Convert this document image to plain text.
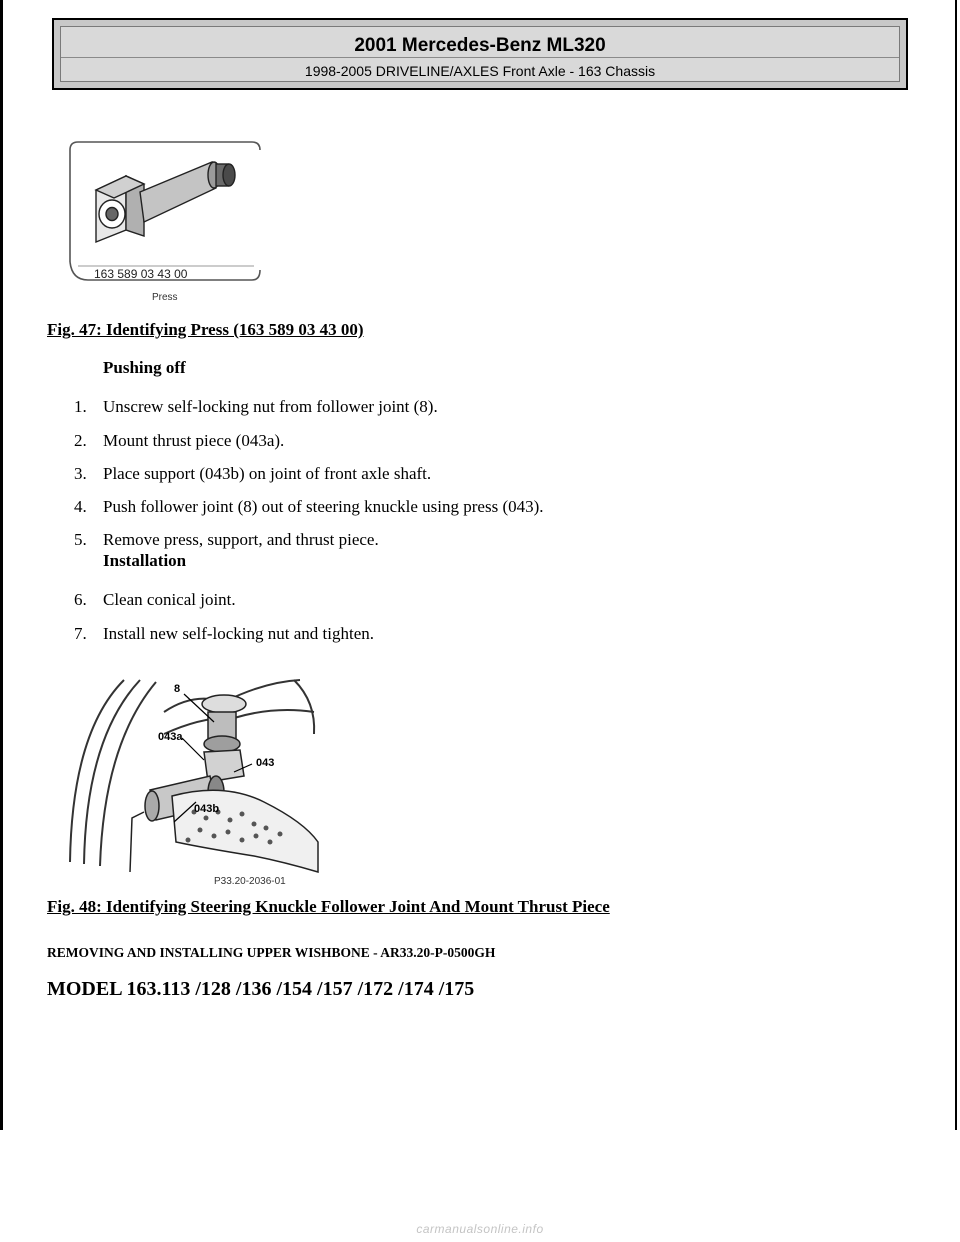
2001 Mercedes-Benz ML320
1998-2005 DRIVELINE/AXLES Front Axle - 163 Chassis
163 589 03 43 00
Press
Fig. 47: Identifying Press (163 589 03 43 00)
Pushing off
1. Unscrew self-locking nut from follower joint (8).
2. Mount thrust piece (043a).
3. Place support (043b) on joint of front axle shaft.
4. Push follower joint (8) out of steering knuckle using press (043).
5. Remove press, support, and thrust piece.
Installation
6. Clean conical joint.
7. Install new self-locking nut and tighten.
8
043a
043
043b
P33.20-2036-01
Fig. 48: Identifying Steering Knuckle Follower Joint And Mount Thrust Piece
REMOVING AND INSTALLING UPPER WISHBONE - AR33.20-P-0500GH
MODEL 163.113 /128 /136 /154 /157 /172 /174 /175
carmanualsonline.info
